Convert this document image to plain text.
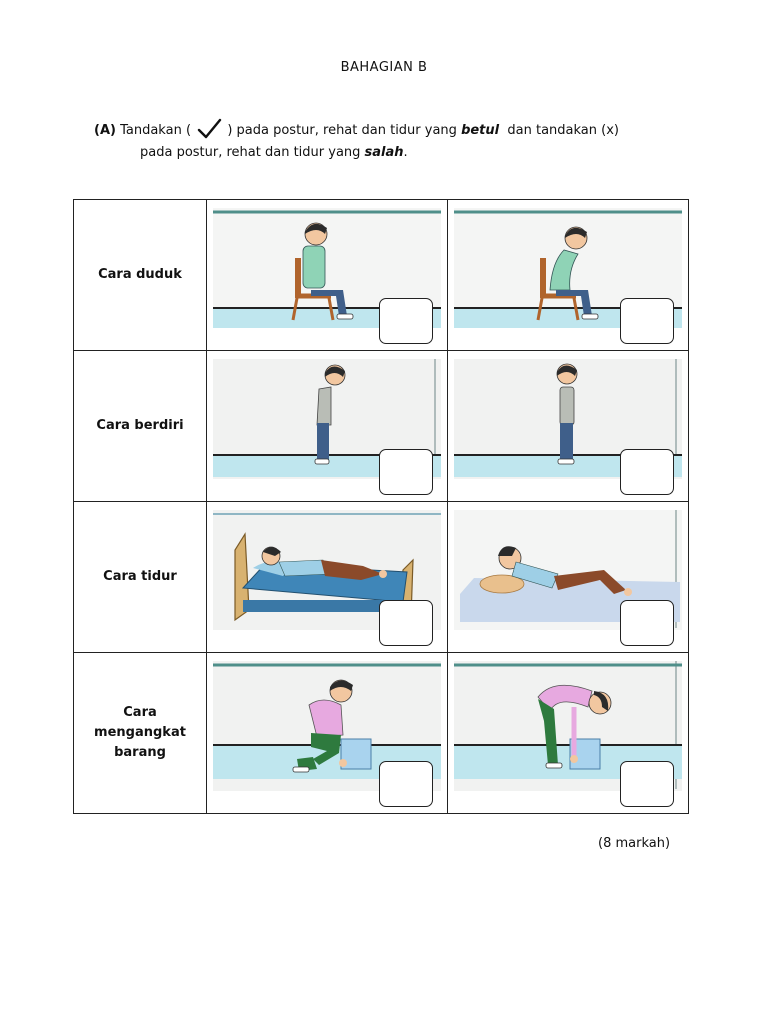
BAHAGIAN B
(A) Tandakan (	) pada postur, rehat dan tidur yang betul dan tandakan (x)
pada postur, rehat dan tidur yang salah.
Cara duduk	

Cara berdiri	

Cara tidur	

Cara mengangkat barang	

(8 markah)
